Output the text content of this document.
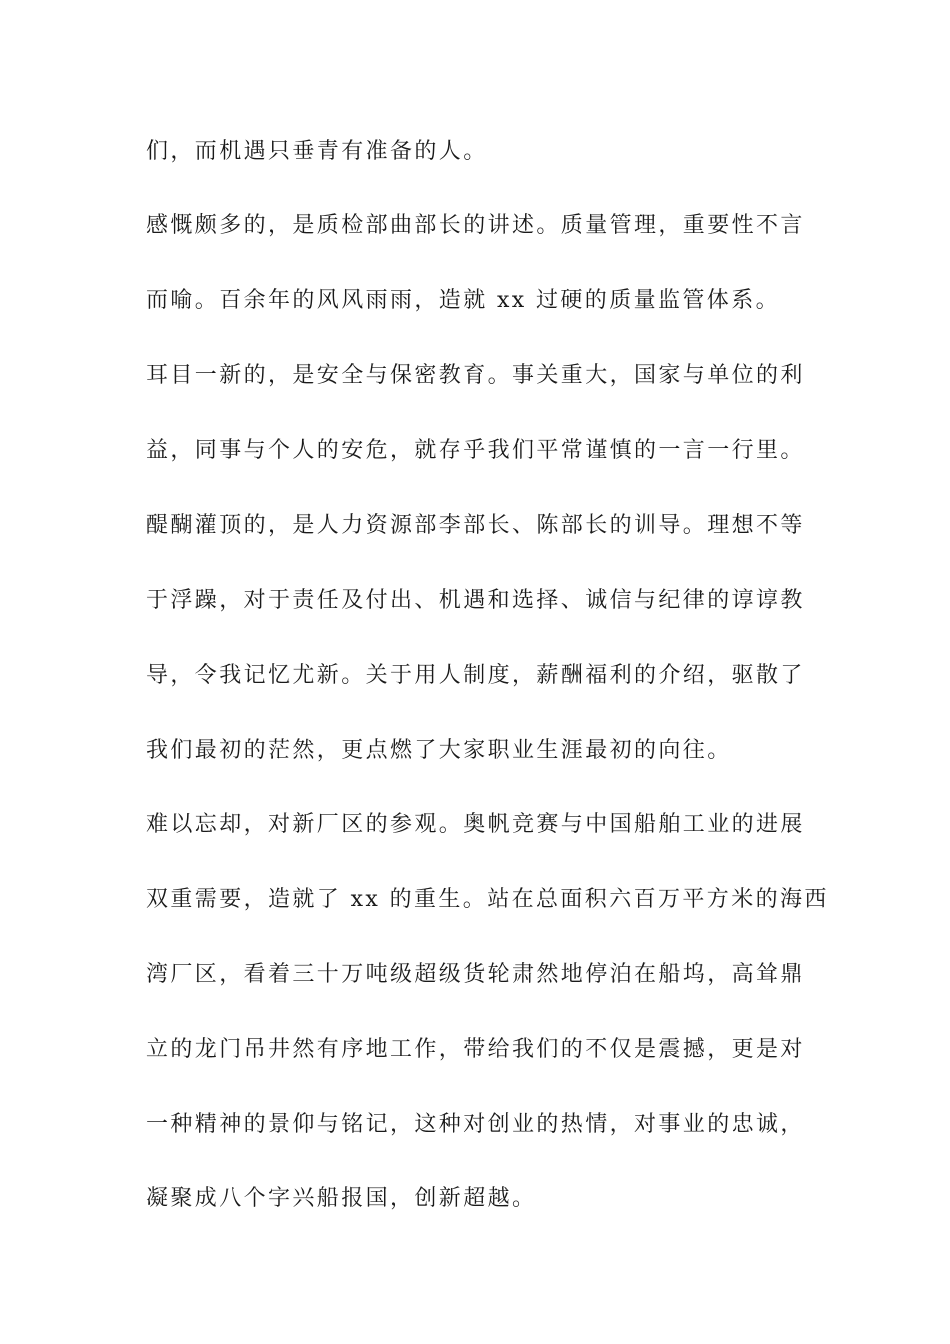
们，而机遇只垂青有准备的人。
感慨颇多的，是质检部曲部长的讲述。质量管理，重要性不言
而喻。百余年的风风雨雨，造就 xx 过硬的质量监管体系。
耳目一新的，是安全与保密教育。事关重大，国家与单位的利
益，同事与个人的安危，就存乎我们平常谨慎的一言一行里。
醍醐灌顶的，是人力资源部李部长、陈部长的训导。理想不等
于浮躁，对于责任及付出、机遇和选择、诚信与纪律的谆谆教
导，令我记忆尤新。关于用人制度，薪酬福利的介绍，驱散了
我们最初的茫然，更点燃了大家职业生涯最初的向往。
难以忘却，对新厂区的参观。奥帆竞赛与中国船舶工业的进展
双重需要，造就了 xx 的重生。站在总面积六百万平方米的海西
湾厂区，看着三十万吨级超级货轮肃然地停泊在船坞，高耸鼎
立的龙门吊井然有序地工作，带给我们的不仅是震撼，更是对
一种精神的景仰与铭记，这种对创业的热情，对事业的忠诚，
凝聚成八个字兴船报国，创新超越。
